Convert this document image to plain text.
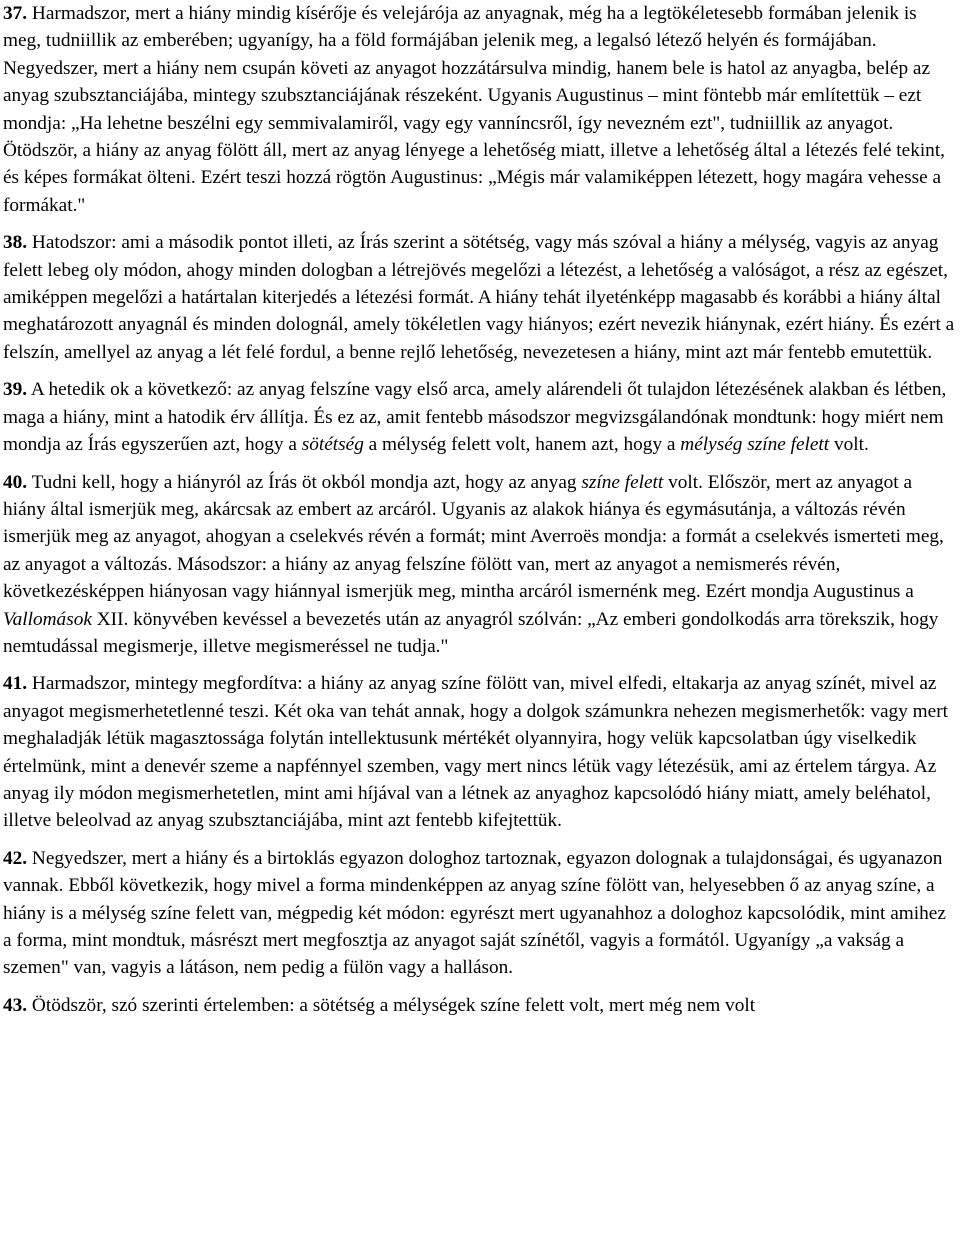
37. Harmadszor, mert a hiány mindig kísérője és velejárója az anyagnak, még ha a legtökéletesebb formában jelenik is meg, tudniillik az emberében; ugyanígy, ha a föld formájában jelenik meg, a legalsó létező helyén és formájában. Negyedszer, mert a hiány nem csupán követi az anyagot hozzátársulva mindig, hanem bele is hatol az anyagba, belép az anyag szubsztanciájába, mintegy szubsztanciájának részeként. Ugyanis Augustinus – mint föntebb már említettük – ezt mondja: „Ha lehetne beszélni egy semmivalamiről, vagy egy vanníncsről, így nevezném ezt", tudniillik az anyagot. Ötödször, a hiány az anyag fölött áll, mert az anyag lényege a lehetőség miatt, illetve a lehetőség által a létezés felé tekint, és képes formákat ölteni. Ezért teszi hozzá rögtön Augustinus: „Mégis már valamiképpen létezett, hogy magára vehesse a formákat."

38. Hatodszor: ami a második pontot illeti, az Írás szerint a sötétség, vagy más szóval a hiány a mélység, vagyis az anyag felett lebeg oly módon, ahogy minden dologban a létrejövés megelőzi a létezést, a lehetőség a valóságot, a rész az egészet, amiképpen megelőzi a határtalan kiterjedés a létezési formát. A hiány tehát ilyeténképp magasabb és korábbi a hiány által meghatározott anyagnál és minden dolognál, amely tökéletlen vagy hiányos; ezért nevezik hiánynak, ezért hiány. És ezért a felszín, amellyel az anyag a lét felé fordul, a benne rejlő lehetőség, nevezetesen a hiány, mint azt már fentebb emutettük.

39. A hetedik ok a következő: az anyag felszíne vagy első arca, amely alárendeli őt tulajdon létezésének alakban és létben, maga a hiány, mint a hatodik érv állítja. És ez az, amit fentebb másodszor megvizsgálandónak mondtunk: hogy miért nem mondja az Írás egyszerűen azt, hogy a sötétség a mélység felett volt, hanem azt, hogy a mélység színe felett volt.

40. Tudni kell, hogy a hiányról az Írás öt okból mondja azt, hogy az anyag színe felett volt. Először, mert az anyagot a hiány által ismerjük meg, akárcsak az embert az arcáról. Ugyanis az alakok hiánya és egymásutánja, a változás révén ismerjük meg az anyagot, ahogyan a cselekvés révén a formát; mint Averroës mondja: a formát a cselekvés ismerteti meg, az anyagot a változás. Másodszor: a hiány az anyag felszíne fölött van, mert az anyagot a nemismerés révén, következésképpen hiányosan vagy hiánnyal ismerjük meg, mintha arcáról ismernénk meg. Ezért mondja Augustinus a Vallomások XII. könyvében kevéssel a bevezetés után az anyagról szólván: „Az emberi gondolkodás arra törekszik, hogy nemtudással megismerje, illetve megismeréssel ne tudja."

41. Harmadszor, mintegy megfordítva: a hiány az anyag színe fölött van, mivel elfedi, eltakarja az anyag színét, mivel az anyagot megismerhetetlenné teszi. Két oka van tehát annak, hogy a dolgok számunkra nehezen megismerhetők: vagy mert meghaladják létük magasztossága folytán intellektusunk mértékét olyannyira, hogy velük kapcsolatban úgy viselkedik értelmünk, mint a denevér szeme a napfénnyel szemben, vagy mert nincs létük vagy létezésük, ami az értelem tárgya. Az anyag ily módon megismerhetetlen, mint ami híjával van a létnek az anyaghoz kapcsolódó hiány miatt, amely beléhatol, illetve beleolvad az anyag szubsztanciájába, mint azt fentebb kifejtettük.

42. Negyedszer, mert a hiány és a birtoklás egyazon dologhoz tartoznak, egyazon dolognak a tulajdonságai, és ugyanazon vannak. Ebből következik, hogy mivel a forma mindenképpen az anyag színe fölött van, helyesebben ő az anyag színe, a hiány is a mélység színe felett van, mégpedig két módon: egyrészt mert ugyanahhoz a dologhoz kapcsolódik, mint amihez a forma, mint mondtuk, másrészt mert megfosztja az anyagot saját színétől, vagyis a formától. Ugyanígy „a vakság a szemen" van, vagyis a látáson, nem pedig a fülön vagy a halláson.

43. Ötödször, szó szerinti értelemben: a sötétség a mélységek színe felett volt, mert még nem volt
